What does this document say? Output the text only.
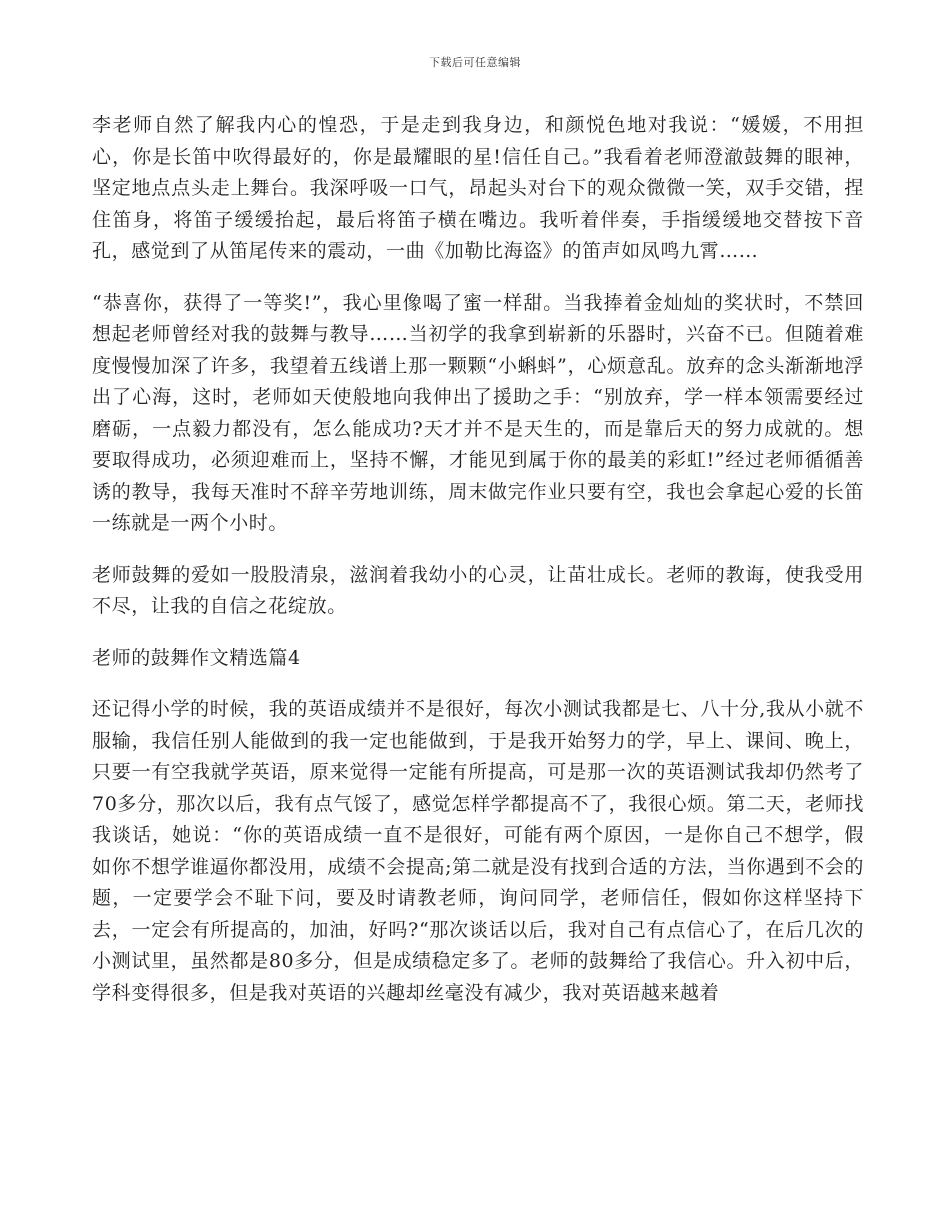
下载后可任意编辑

李老师自然了解我内心的惶恐，于是走到我身边，和颜悦色地对我说：“媛媛，不用担心，你是长笛中吹得最好的，你是最耀眼的星!信任自己。”我看着老师澄澈鼓舞的眼神，坚定地点点头走上舞台。我深呼吸一口气，昂起头对台下的观众微微一笑，双手交错，捏住笛身，将笛子缓缓抬起，最后将笛子横在嘴边。我听着伴奏，手指缓缓地交替按下音孔，感觉到了从笛尾传来的震动，一曲《加勒比海盗》的笛声如凤鸣九霄……

“恭喜你，获得了一等奖!”，我心里像喝了蜜一样甜。当我捧着金灿灿的奖状时，不禁回想起老师曾经对我的鼓舞与教导……当初学的我拿到崭新的乐器时，兴奋不已。但随着难度慢慢加深了许多，我望着五线谱上那一颗颗“小蝌蚪”，心烦意乱。放弃的念头渐渐地浮出了心海，这时，老师如天使般地向我伸出了援助之手：“别放弃，学一样本领需要经过磨砺，一点毅力都没有，怎么能成功?天才并不是天生的，而是靠后天的努力成就的。想要取得成功，必须迎难而上，坚持不懈，才能见到属于你的最美的彩虹!”经过老师循循善诱的教导，我每天准时不辞辛劳地训练，周末做完作业只要有空，我也会拿起心爱的长笛一练就是一两个小时。

老师鼓舞的爱如一股股清泉，滋润着我幼小的心灵，让苗壮成长。老师的教诲，使我受用不尽，让我的自信之花绽放。

老师的鼓舞作文精选篇4

还记得小学的时候，我的英语成绩并不是很好，每次小测试我都是七、八十分,我从小就不服输，我信任别人能做到的我一定也能做到，于是我开始努力的学，早上、课间、晚上，只要一有空我就学英语，原来觉得一定能有所提高，可是那一次的英语测试我却仍然考了70多分，那次以后，我有点气馁了，感觉怎样学都提高不了，我很心烦。第二天，老师找我谈话，她说：“你的英语成绩一直不是很好，可能有两个原因，一是你自己不想学，假如你不想学谁逼你都没用，成绩不会提高;第二就是没有找到合适的方法，当你遇到不会的题，一定要学会不耻下问，要及时请教老师，询问同学，老师信任，假如你这样坚持下去，一定会有所提高的，加油，好吗?“那次谈话以后，我对自己有点信心了，在后几次的小测试里，虽然都是80多分，但是成绩稳定多了。老师的鼓舞给了我信心。升入初中后，学科变得很多，但是我对英语的兴趣却丝毫没有减少，我对英语越来越着
